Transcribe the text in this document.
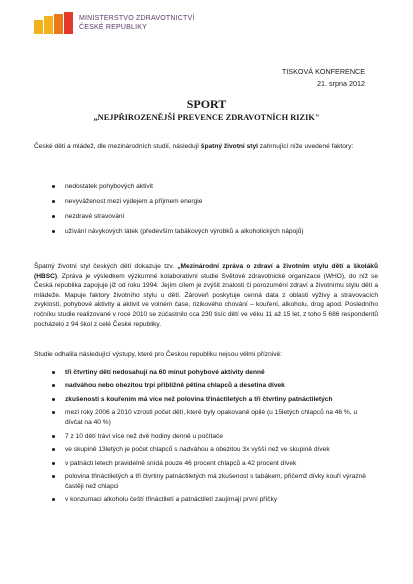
MINISTERSTVO ZDRAVOTNICTVÍ
ČESKÉ REPUBLIKY
TISKOVÁ KONFERENCE
21. srpna 2012
SPORT
„NEJPŘIROZENĚJŠÍ PREVENCE ZDRAVOTNÍCH RIZIK"
České děti a mládež, dle mezinárodních studií, následují špatný životní styl zahrnující níže uvedené faktory:
nedostatek pohybových aktivit
nevyváženost mezi výdejem a příjmem energie
nezdravé stravování
užívání návykových látek (především tabákových výrobků a alkoholických nápojů)
Špatný životní styl českých dětí dokazuje tzv. „Mezinárodní zpráva o zdraví a životním stylu dětí a školáků (HBSC). Zpráva je výsledkem výzkumné kolaborativní studie Světové zdravotnické organizace (WHO), do níž se Česká republika zapojuje již od roku 1994. Jejím cílem je zvýšit znalosti či porozumění zdraví a životnímu stylu dětí a mládeže. Mapuje faktory životního stylu u dětí. Zároveň poskytuje cenná data z oblasti výživy a stravovacích zvyklostí, pohybové aktivity a aktivit ve volném čase, rizikového chování – kouření, alkoholu, drog apod. Posledního ročníku studie realizované v roce 2010 se zúčastnilo cca 230 tisíc dětí ve věku 11 až 15 let, z toho 5 686 respondentů pocházelo z 94 škol z celé České republiky.
Studie odhalila následující výstupy, které pro Českou republiku nejsou vělmi příznivé:
tři čtvrtiny dětí nedosahují na 60 minut pohybové aktivity denně
nadváhou nebo obezitou trpí přibližně pětina chlapců a desetina dívek
zkušenosti s kouřením má více než polovina třináctiletých a tři čtvrtiny patnáctiletých
mezi roky 2006 a 2010 vzrostl počet dětí, které byly opakovaně opilé (u 15letých chlapců na 46 %, u dívčat na 40 %)
7 z 10 dětí tráví více než dvě hodiny denně u počítače
ve skupině 13letých je počet chlapců s nadváhou a obezitou 3x vyšší než ve skupině dívek
v patnácti letech pravidelně snídá pouze 46 procent chlapců a 42 procent dívek
polovina třináctiletých a tři čtvrtiny patnáctiletých má zkušenost s tabákem, přičemž dívky kouří výrazně častěji než chlapci
v konzumaci alkoholu čeští třináctiletí a patnáctiletí zaujímají první příčky
